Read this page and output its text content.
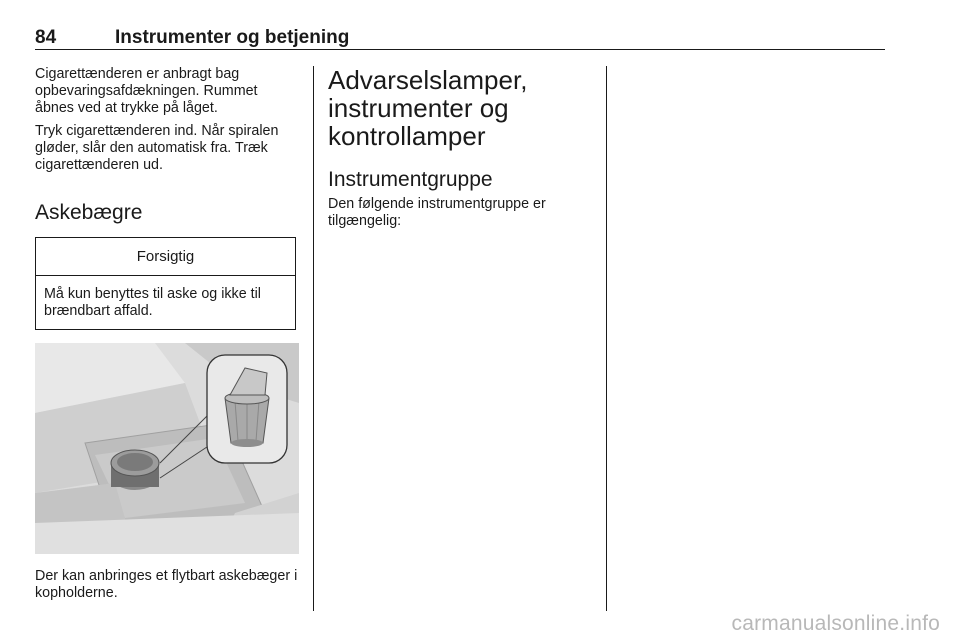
84	Instrumenter og betjening

Cigarettænderen er anbragt bag opbevaringsafdækningen. Rummet åbnes ved at trykke på låget.

Tryk cigarettænderen ind. Når spiralen gløder, slår den automatisk fra. Træk cigarettænderen ud.

Askebægre
Forsigtig
Må kun benyttes til aske og ikke til brændbart affald.

Der kan anbringes et flytbart askebæger i kopholderne.

Advarselslamper,
instrumenter og
kontrollamper
Instrumentgruppe

Den følgende instrumentgruppe er tilgængelig:

carmanualsonline.info
